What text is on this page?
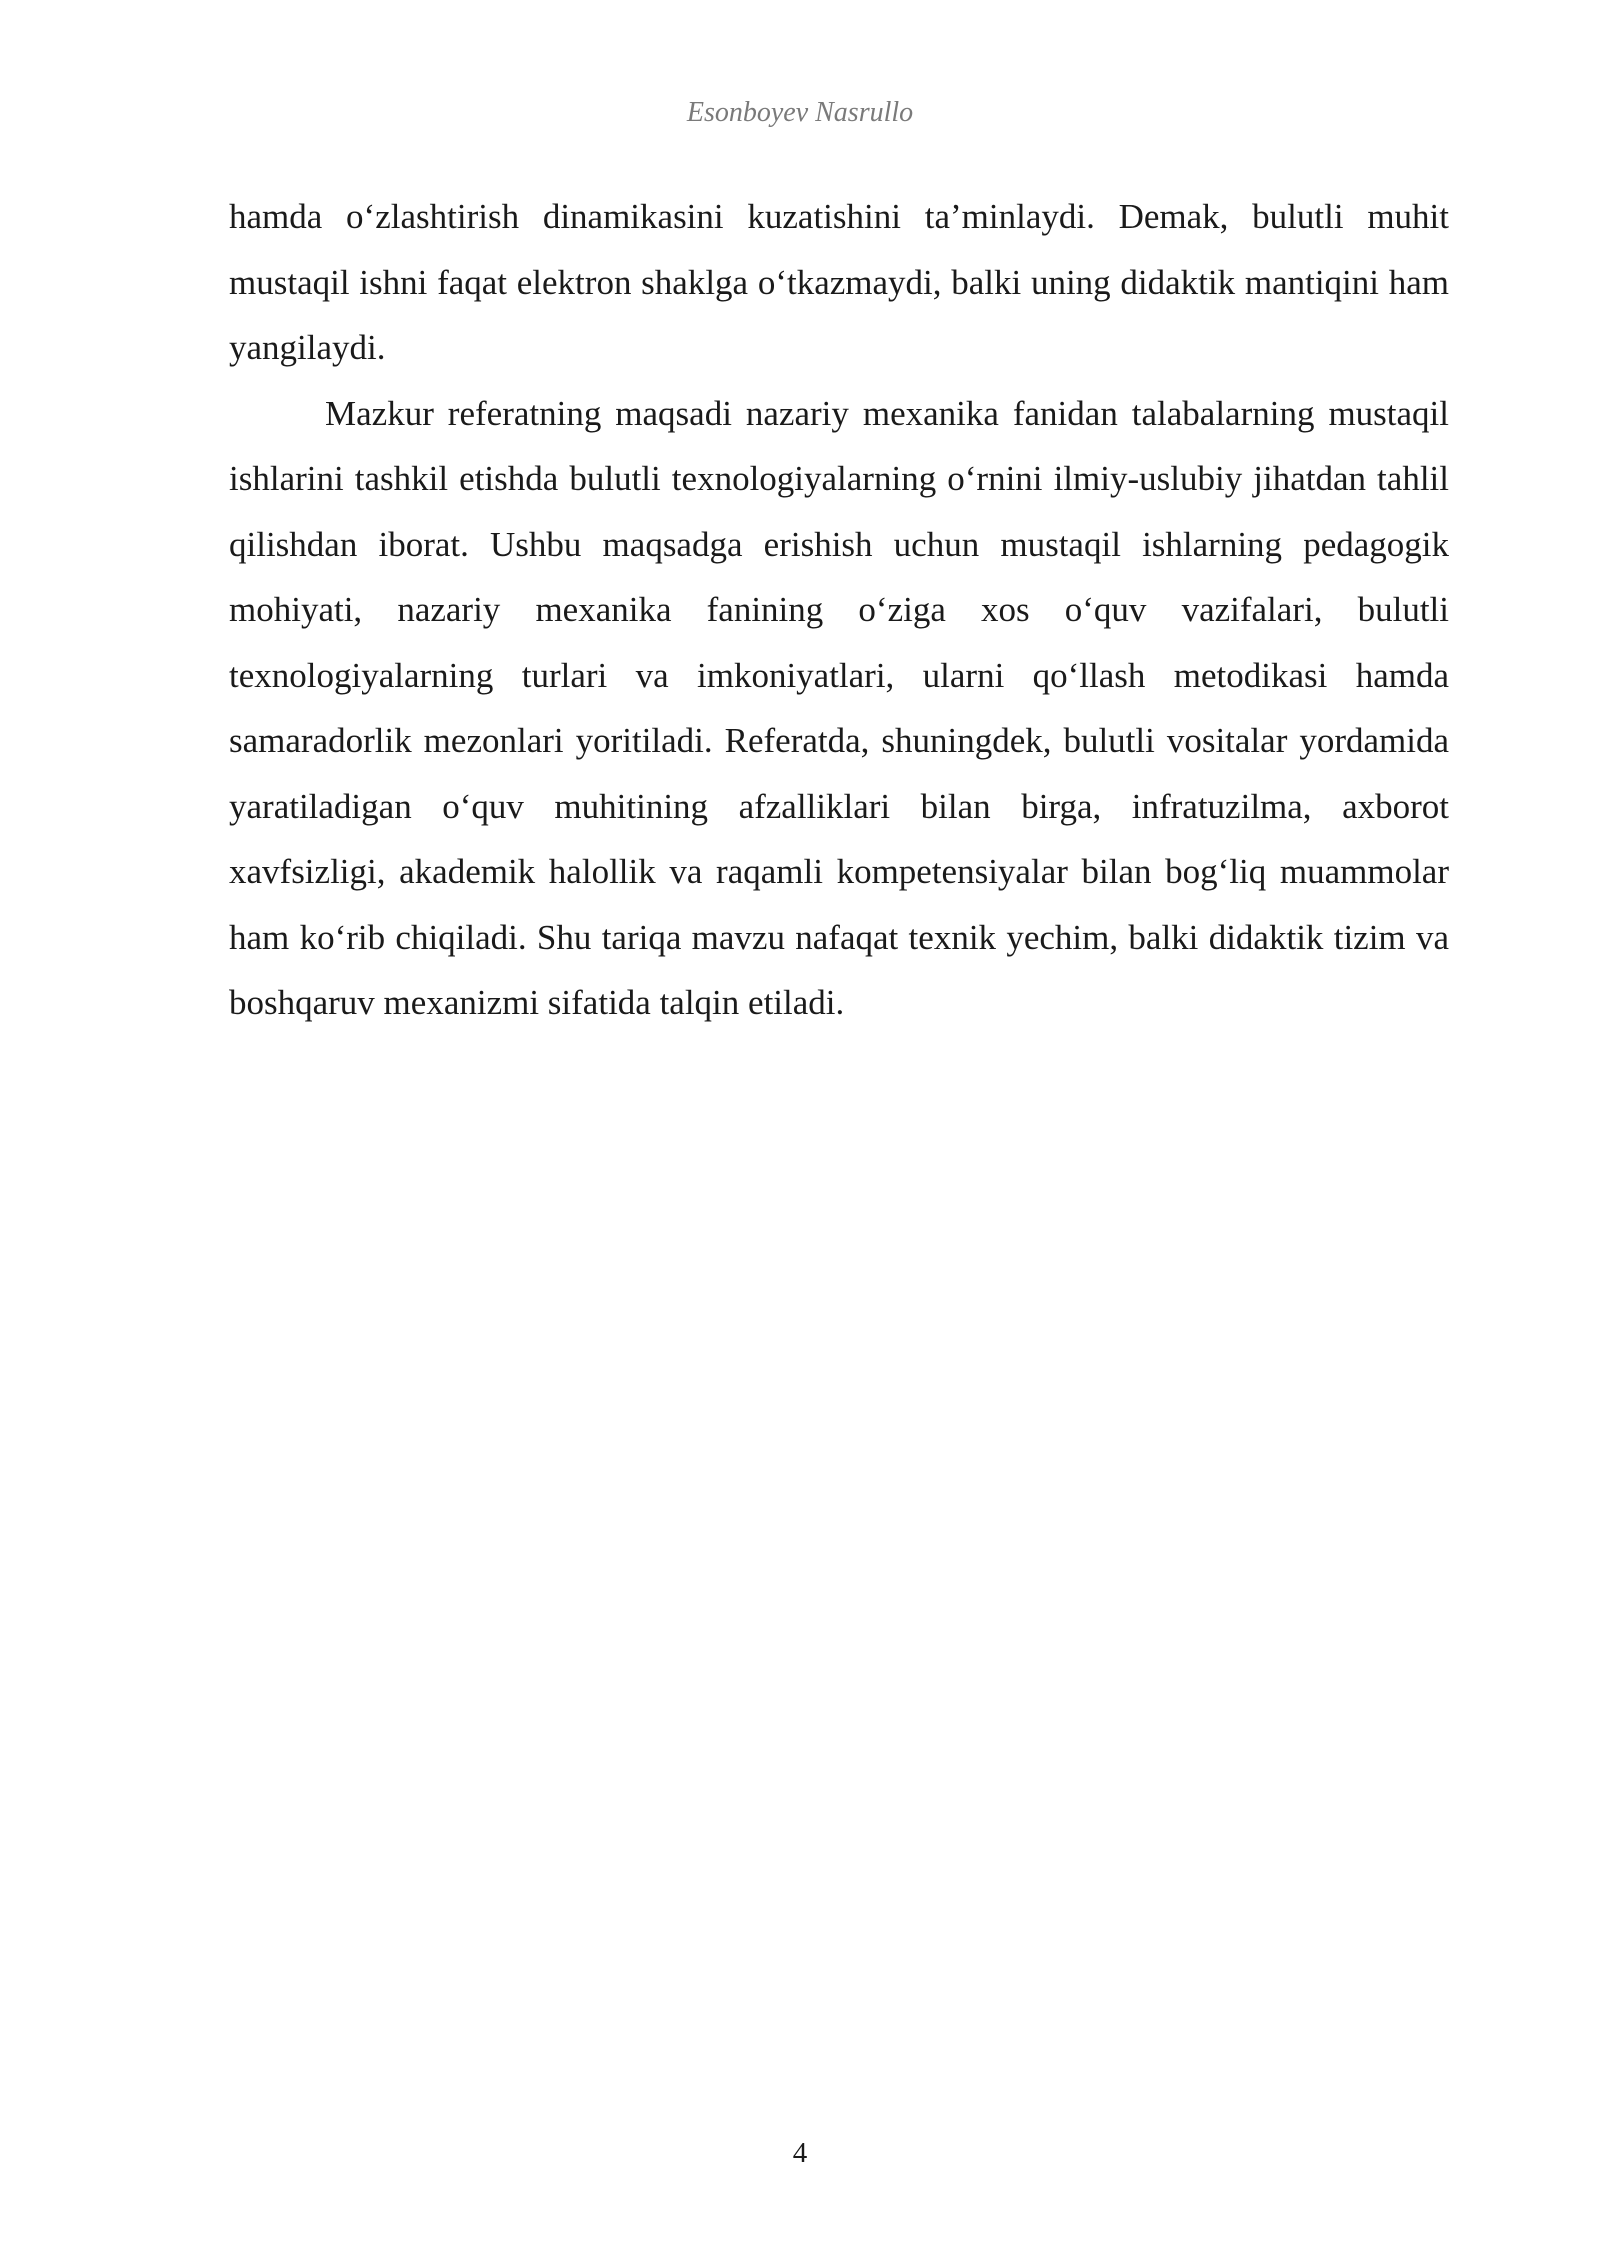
Esonboyev Nasrullo

hamda o‘zlashtirish dinamikasini kuzatishini ta’minlaydi. Demak, bulutli muhit mustaqil ishni faqat elektron shaklga o‘tkazmaydi, balki uning didaktik mantiqini ham yangilaydi.

Mazkur referatning maqsadi nazariy mexanika fanidan talabalarning mustaqil ishlarini tashkil etishda bulutli texnologiyalarning o‘rnini ilmiy-uslubiy jihatdan tahlil qilishdan iborat. Ushbu maqsadga erishish uchun mustaqil ishlarning pedagogik mohiyati, nazariy mexanika fanining o‘ziga xos o‘quv vazifalari, bulutli texnologiyalarning turlari va imkoniyatlari, ularni qo‘llash metodikasi hamda samaradorlik mezonlari yoritiladi. Referatda, shuningdek, bulutli vositalar yordamida yaratiladigan o‘quv muhitining afzalliklari bilan birga, infratuzilma, axborot xavfsizligi, akademik halollik va raqamli kompetensiyalar bilan bog‘liq muammolar ham ko‘rib chiqiladi. Shu tariqa mavzu nafaqat texnik yechim, balki didaktik tizim va boshqaruv mexanizmi sifatida talqin etiladi.

4
